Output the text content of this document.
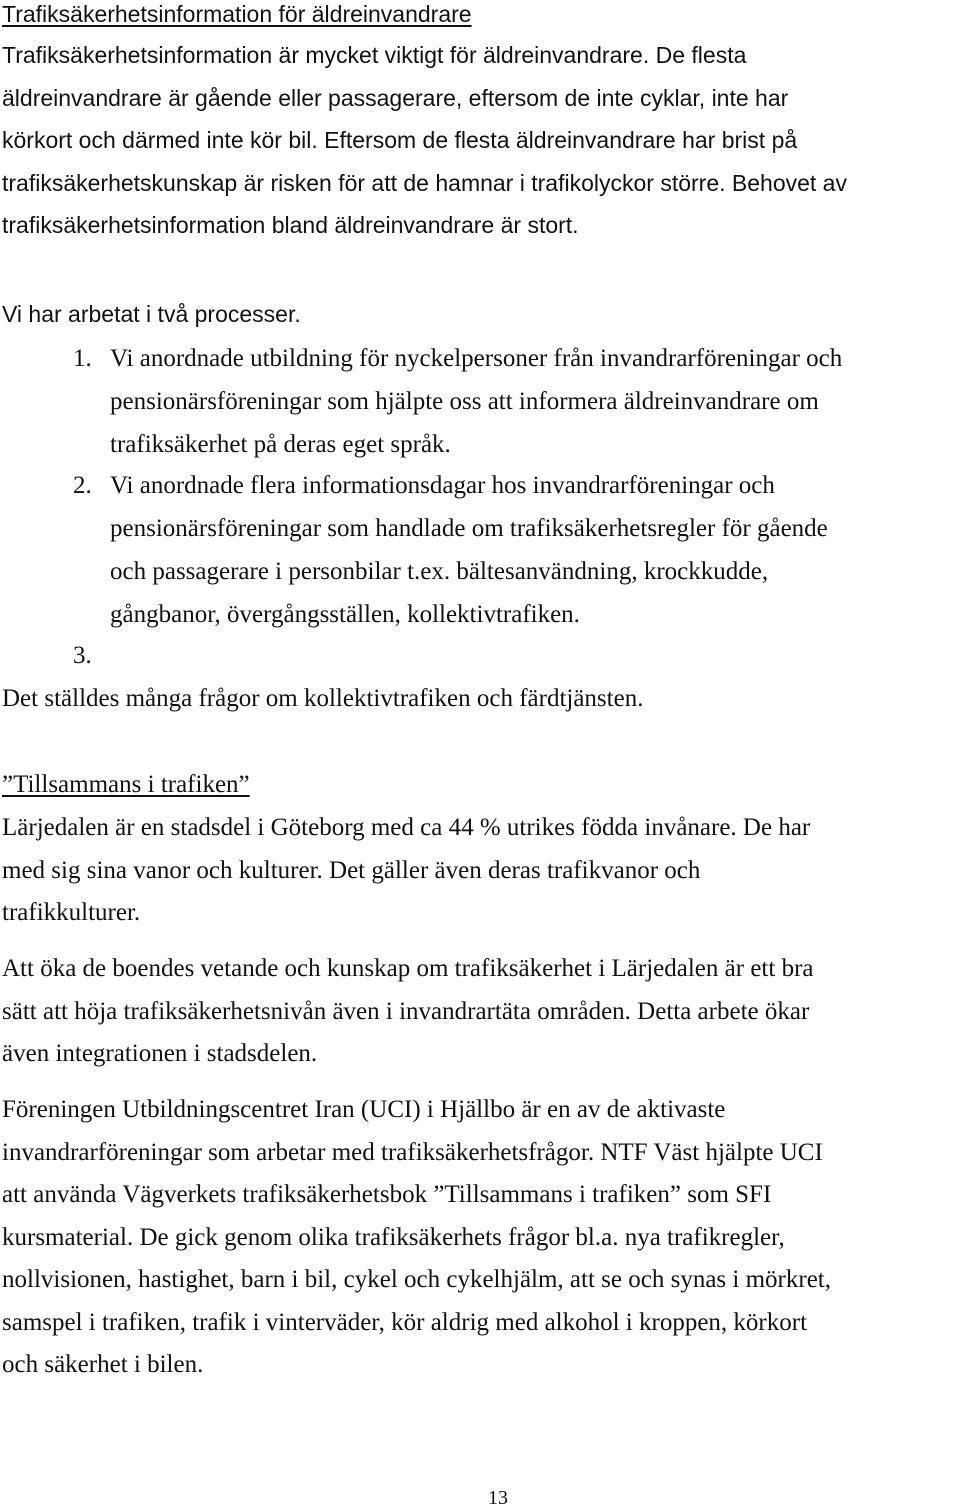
Trafiksäkerhetsinformation för äldreinvandrare
Trafiksäkerhetsinformation är mycket viktigt för äldreinvandrare. De flesta
äldreinvandrare är gående eller passagerare, eftersom de inte cyklar, inte har
körkort och därmed inte kör bil. Eftersom de flesta äldreinvandrare har brist på
trafiksäkerhetskunskap är risken för att de hamnar i trafikolyckor större. Behovet av
trafiksäkerhetsinformation bland äldreinvandrare är stort.
Vi har arbetat i två processer.
1. Vi anordnade utbildning för nyckelpersoner från invandrarföreningar och
pensionärsföreningar som hjälpte oss att informera äldreinvandrare om
trafiksäkerhet på deras eget språk.
2. Vi anordnade flera informationsdagar hos invandrarföreningar och
pensionärsföreningar som handlade om trafiksäkerhetsregler för gående
och passagerare i personbilar t.ex. bältesanvändning, krockkudde,
gångbanor, övergångsställen, kollektivtrafiken.
3.
Det ställdes många frågor om kollektivtrafiken och färdtjänsten.
”Tillsammans i trafiken”
Lärjedalen är en stadsdel i Göteborg med ca 44 % utrikes födda invånare. De har
med sig sina vanor och kulturer. Det gäller även deras trafikvanor och
trafikkulturer.
Att öka de boendes vetande och kunskap om trafiksäkerhet i Lärjedalen är ett bra
sätt att höja trafiksäkerhetsnivån även i invandrartäta områden. Detta arbete ökar
även integrationen i stadsdelen.
Föreningen Utbildningscentret Iran (UCI) i Hjällbo är en av de aktivaste
invandrarföreningar som arbetar med trafiksäkerhetsfrågor. NTF Väst hjälpte UCI
att använda Vägverkets trafiksäkerhetsbok ”Tillsammans i trafiken” som SFI
kursmaterial. De gick genom olika trafiksäkerhets frågor bl.a. nya trafikregler,
nollvisionen, hastighet, barn i bil, cykel och cykelhjälm, att se och synas i mörkret,
samspel i trafiken, trafik i vinterväder, kör aldrig med alkohol i kroppen, körkort
och säkerhet i bilen.
13
